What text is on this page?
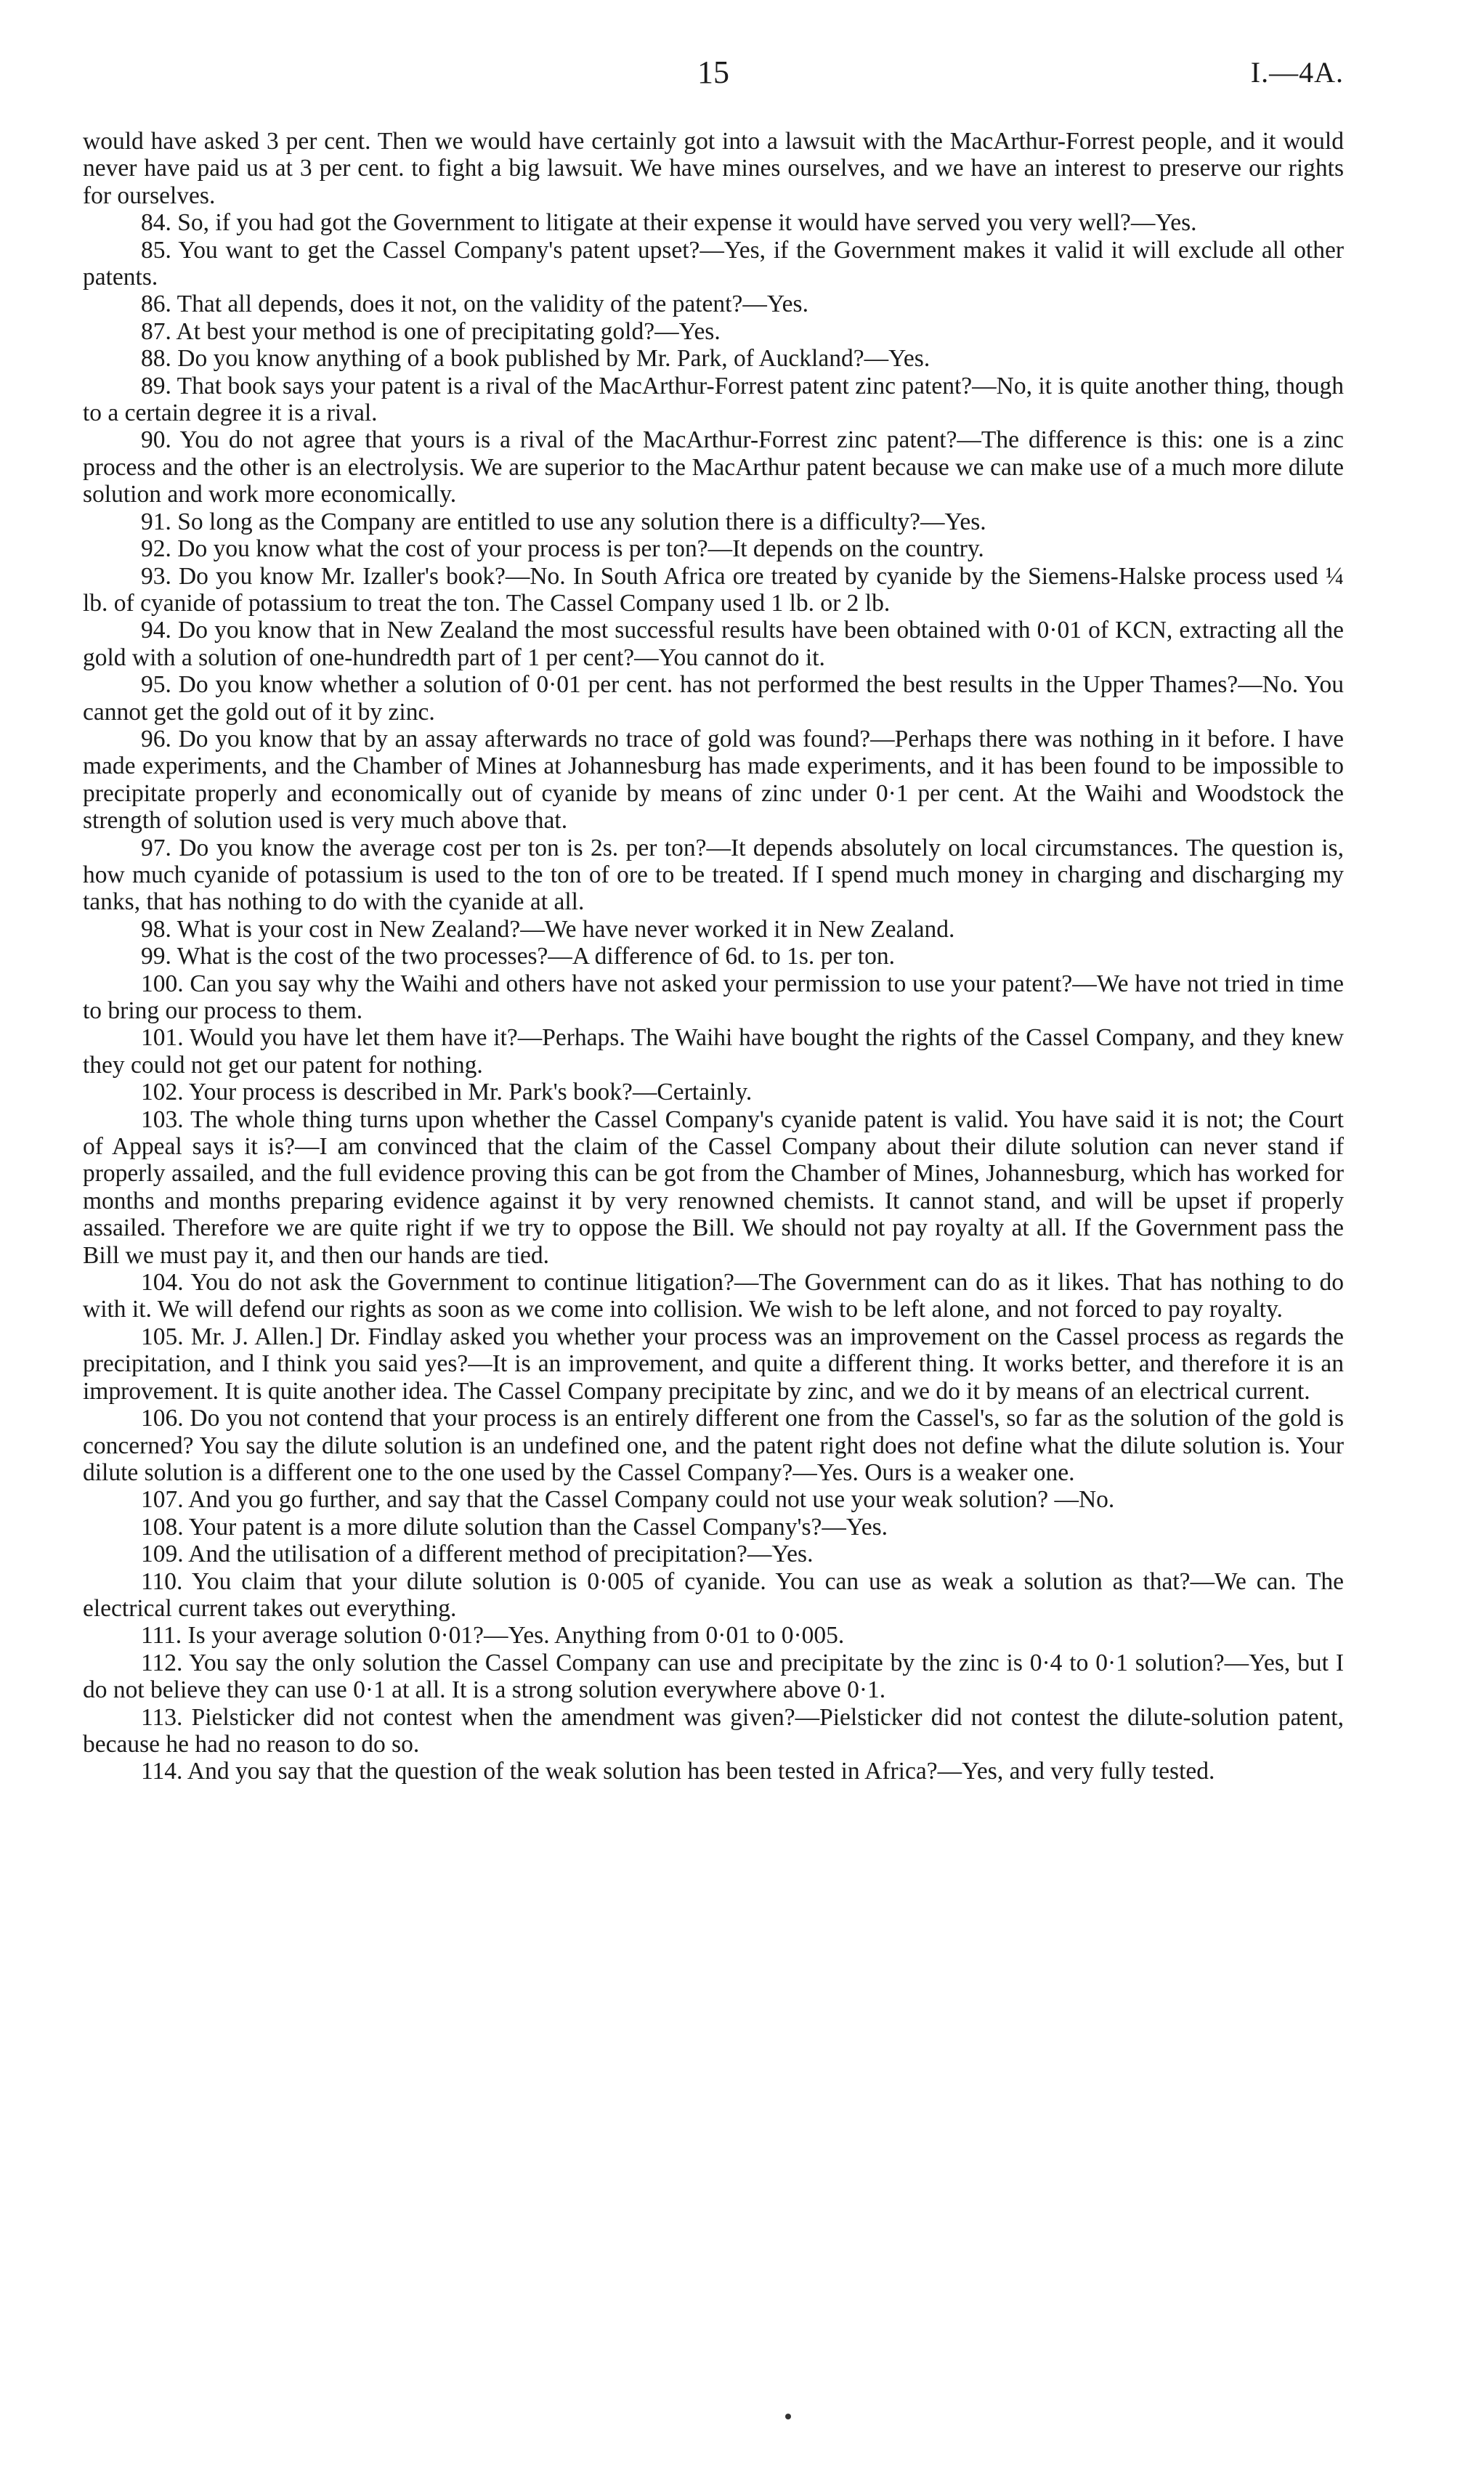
15	I.—4A.

would have asked 3 per cent. Then we would have certainly got into a lawsuit with the MacArthur-Forrest people, and it would never have paid us at 3 per cent. to fight a big lawsuit. We have mines ourselves, and we have an interest to preserve our rights for ourselves.

84. So, if you had got the Government to litigate at their expense it would have served you very well?—Yes.

85. You want to get the Cassel Company's patent upset?—Yes, if the Government makes it valid it will exclude all other patents.

86. That all depends, does it not, on the validity of the patent?—Yes.

87. At best your method is one of precipitating gold?—Yes.

88. Do you know anything of a book published by Mr. Park, of Auckland?—Yes.

89. That book says your patent is a rival of the MacArthur-Forrest patent zinc patent?—No, it is quite another thing, though to a certain degree it is a rival.

90. You do not agree that yours is a rival of the MacArthur-Forrest zinc patent?—The difference is this: one is a zinc process and the other is an electrolysis. We are superior to the MacArthur patent because we can make use of a much more dilute solution and work more economically.

91. So long as the Company are entitled to use any solution there is a difficulty?—Yes.

92. Do you know what the cost of your process is per ton?—It depends on the country.

93. Do you know Mr. Izaller's book?—No. In South Africa ore treated by cyanide by the Siemens-Halske process used ¼ lb. of cyanide of potassium to treat the ton. The Cassel Company used 1 lb. or 2 lb.

94. Do you know that in New Zealand the most successful results have been obtained with 0·01 of KCN, extracting all the gold with a solution of one-hundredth part of 1 per cent?—You cannot do it.

95. Do you know whether a solution of 0·01 per cent. has not performed the best results in the Upper Thames?—No. You cannot get the gold out of it by zinc.

96. Do you know that by an assay afterwards no trace of gold was found?—Perhaps there was nothing in it before. I have made experiments, and the Chamber of Mines at Johannesburg has made experiments, and it has been found to be impossible to precipitate properly and economically out of cyanide by means of zinc under 0·1 per cent. At the Waihi and Woodstock the strength of solution used is very much above that.

97. Do you know the average cost per ton is 2s. per ton?—It depends absolutely on local circumstances. The question is, how much cyanide of potassium is used to the ton of ore to be treated. If I spend much money in charging and discharging my tanks, that has nothing to do with the cyanide at all.

98. What is your cost in New Zealand?—We have never worked it in New Zealand.

99. What is the cost of the two processes?—A difference of 6d. to 1s. per ton.

100. Can you say why the Waihi and others have not asked your permission to use your patent?—We have not tried in time to bring our process to them.

101. Would you have let them have it?—Perhaps. The Waihi have bought the rights of the Cassel Company, and they knew they could not get our patent for nothing.

102. Your process is described in Mr. Park's book?—Certainly.

103. The whole thing turns upon whether the Cassel Company's cyanide patent is valid. You have said it is not; the Court of Appeal says it is?—I am convinced that the claim of the Cassel Company about their dilute solution can never stand if properly assailed, and the full evidence proving this can be got from the Chamber of Mines, Johannesburg, which has worked for months and months preparing evidence against it by very renowned chemists. It cannot stand, and will be upset if properly assailed. Therefore we are quite right if we try to oppose the Bill. We should not pay royalty at all. If the Government pass the Bill we must pay it, and then our hands are tied.

104. You do not ask the Government to continue litigation?—The Government can do as it likes. That has nothing to do with it. We will defend our rights as soon as we come into collision. We wish to be left alone, and not forced to pay royalty.

105. Mr. J. Allen.] Dr. Findlay asked you whether your process was an improvement on the Cassel process as regards the precipitation, and I think you said yes?—It is an improvement, and quite a different thing. It works better, and therefore it is an improvement. It is quite another idea. The Cassel Company precipitate by zinc, and we do it by means of an electrical current.

106. Do you not contend that your process is an entirely different one from the Cassel's, so far as the solution of the gold is concerned? You say the dilute solution is an undefined one, and the patent right does not define what the dilute solution is. Your dilute solution is a different one to the one used by the Cassel Company?—Yes. Ours is a weaker one.

107. And you go further, and say that the Cassel Company could not use your weak solution? —No.

108. Your patent is a more dilute solution than the Cassel Company's?—Yes.

109. And the utilisation of a different method of precipitation?—Yes.

110. You claim that your dilute solution is 0·005 of cyanide. You can use as weak a solution as that?—We can. The electrical current takes out everything.

111. Is your average solution 0·01?—Yes. Anything from 0·01 to 0·005.

112. You say the only solution the Cassel Company can use and precipitate by the zinc is 0·4 to 0·1 solution?—Yes, but I do not believe they can use 0·1 at all. It is a strong solution everywhere above 0·1.

113. Pielsticker did not contest when the amendment was given?—Pielsticker did not contest the dilute-solution patent, because he had no reason to do so.

114. And you say that the question of the weak solution has been tested in Africa?—Yes, and very fully tested.
